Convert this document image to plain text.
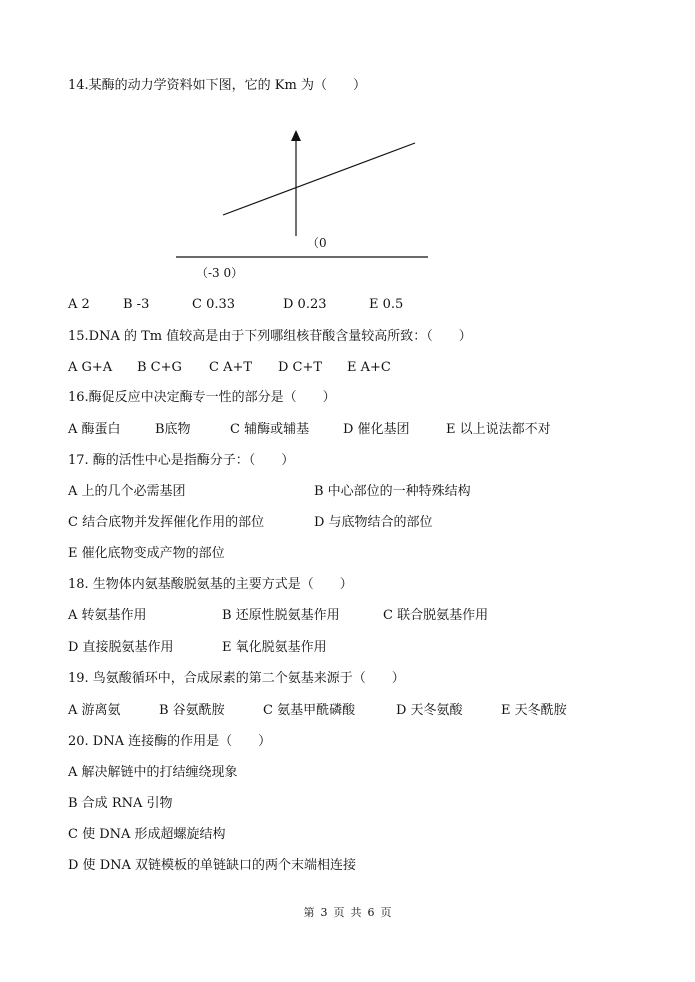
14.某酶的动力学资料如下图，它的 Km 为（　　）
（0
（-3 0）
A 2	B -3	C 0.33	D 0.23	E 0.5
15.DNA 的 Tm 值较高是由于下列哪组核苷酸含量较高所致：（　　）
A G+A B C+G C A+T D C+T E A+C
16.酶促反应中决定酶专一性的部分是（　　）
A 酶蛋白	B底物	C 辅酶或辅基	D 催化基团	E 以上说法都不对
17. 酶的活性中心是指酶分子：（　　）
A 上的几个必需基团	B 中心部位的一种特殊结构
C 结合底物并发挥催化作用的部位	D 与底物结合的部位
E 催化底物变成产物的部位
18. 生物体内氨基酸脱氨基的主要方式是（　　）
A 转氨基作用	B 还原性脱氨基作用	C 联合脱氨基作用
D 直接脱氨基作用	E 氧化脱氨基作用
19. 鸟氨酸循环中，合成尿素的第二个氨基来源于（　　）
A 游离氨	B 谷氨酰胺	C 氨基甲酰磷酸	D 天冬氨酸	E 天冬酰胺
20. DNA 连接酶的作用是（　　）
A 解决解链中的打结缠绕现象
B 合成 RNA 引物
C 使 DNA 形成超螺旋结构
D 使 DNA 双链模板的单链缺口的两个末端相连接
第 3 页 共 6 页
